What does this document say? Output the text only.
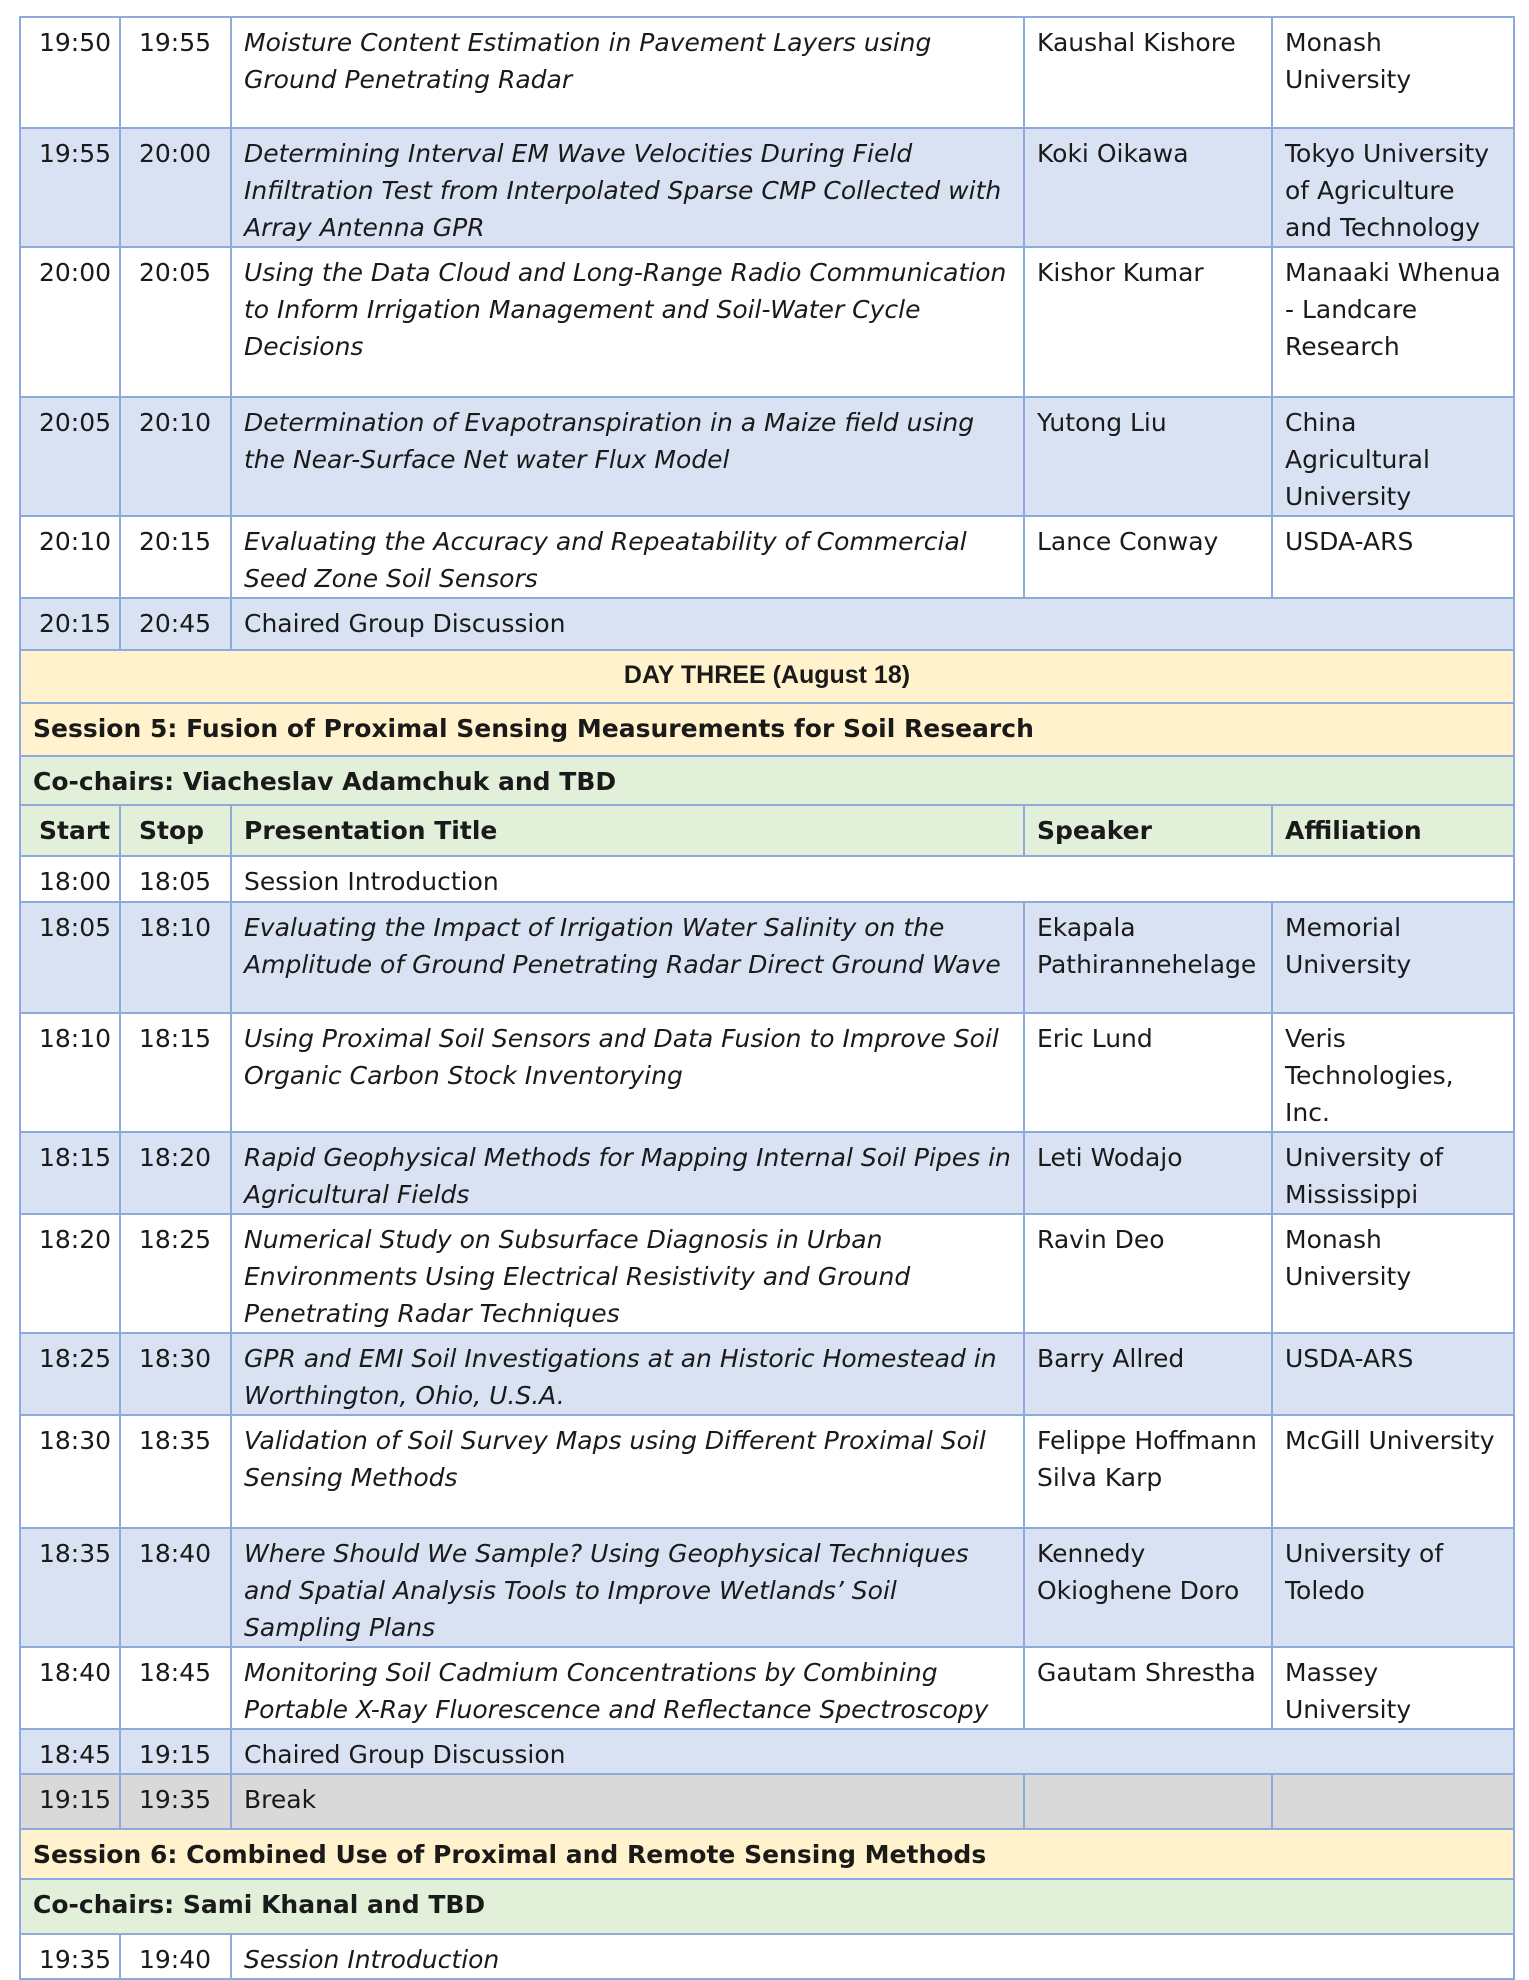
19:50	19:55	Moisture Content Estimation in Pavement Layers using Ground Penetrating Radar	Kaushal Kishore	Monash University
19:55	20:00	Determining Interval EM Wave Velocities During Field Infiltration Test from Interpolated Sparse CMP Collected with Array Antenna GPR	Koki Oikawa	Tokyo University of Agriculture and Technology
20:00	20:05	Using the Data Cloud and Long-Range Radio Communication to Inform Irrigation Management and Soil-Water Cycle Decisions	Kishor Kumar	Manaaki Whenua - Landcare Research
20:05	20:10	Determination of Evapotranspiration in a Maize field using the Near-Surface Net water Flux Model	Yutong Liu	China Agricultural University
20:10	20:15	Evaluating the Accuracy and Repeatability of Commercial Seed Zone Soil Sensors	Lance Conway	USDA-ARS
20:15	20:45	Chaired Group Discussion		
DAY THREE (August 18)				
Session 5: Fusion of Proximal Sensing Measurements for Soil Research				
Co-chairs: Viacheslav Adamchuk and TBD				
Start	Stop	Presentation Title	Speaker	Affiliation
18:00	18:05	Session Introduction		
18:05	18:10	Evaluating the Impact of Irrigation Water Salinity on the Amplitude of Ground Penetrating Radar Direct Ground Wave	Ekapala Pathirannehelage	Memorial University
18:10	18:15	Using Proximal Soil Sensors and Data Fusion to Improve Soil Organic Carbon Stock Inventorying	Eric Lund	Veris Technologies, Inc.
18:15	18:20	Rapid Geophysical Methods for Mapping Internal Soil Pipes in Agricultural Fields	Leti Wodajo	University of Mississippi
18:20	18:25	Numerical Study on Subsurface Diagnosis in Urban Environments Using Electrical Resistivity and Ground Penetrating Radar Techniques	Ravin Deo	Monash University
18:25	18:30	GPR and EMI Soil Investigations at an Historic Homestead in Worthington, Ohio, U.S.A.	Barry Allred	USDA-ARS
18:30	18:35	Validation of Soil Survey Maps using Different Proximal Soil Sensing Methods	Felippe Hoffmann Silva Karp	McGill University
18:35	18:40	Where Should We Sample? Using Geophysical Techniques and Spatial Analysis Tools to Improve Wetlands’ Soil Sampling Plans	Kennedy Okioghene Doro	University of Toledo
18:40	18:45	Monitoring Soil Cadmium Concentrations by Combining Portable X-Ray Fluorescence and Reflectance Spectroscopy	Gautam Shrestha	Massey University
18:45	19:15	Chaired Group Discussion		
19:15	19:35	Break		
Session 6: Combined Use of Proximal and Remote Sensing Methods				
Co-chairs: Sami Khanal and TBD				
19:35	19:40	Session Introduction		
